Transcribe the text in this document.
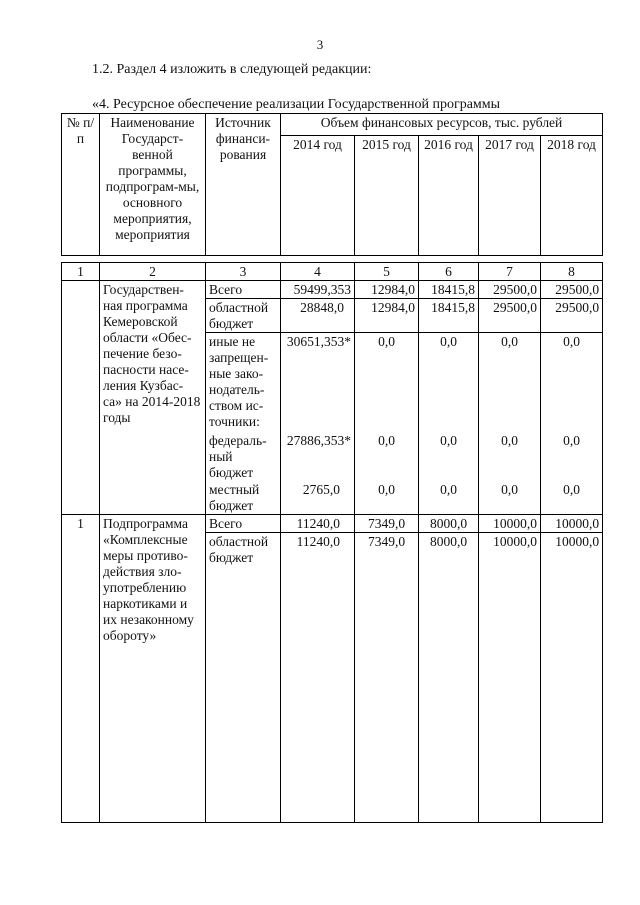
3
1.2. Раздел 4 изложить в следующей редакции:
«4. Ресурсное обеспечение реализации Государственной программы
№ п/п	Наименование Государст-венной программы, подпрограм-мы, основного мероприятия, мероприятия	Источник финанси-рования	Объем финансовых ресурсов, тыс. рублей				
			2014 год	2015 год	2016 год	2017 год	2018 год

1	2	3	4	5	6	7	8
	Государствен-ная программа Кемеровской области «Обес-печение безо-пасности насе-ления Кузбас-са» на 2014-2018 годы	Всего	59499,353	12984,0	18415,8	29500,0	29500,0
		областной бюджет	28848,0	12984,0	18415,8	29500,0	29500,0
		иные не запрещен-ные зако-нодатель-ством ис-точники:	30651,353*	0,0	0,0	0,0	0,0
		федераль-ный бюджет	27886,353*	0,0	0,0	0,0	0,0
		местный бюджет	2765,0	0,0	0,0	0,0	0,0
1	Подпрограмма «Комплексные меры противо-действия зло-употреблению наркотиками и их незаконному обороту»	Всего	11240,0	7349,0	8000,0	10000,0	10000,0
		областной бюджет	11240,0	7349,0	8000,0	10000,0	10000,0
